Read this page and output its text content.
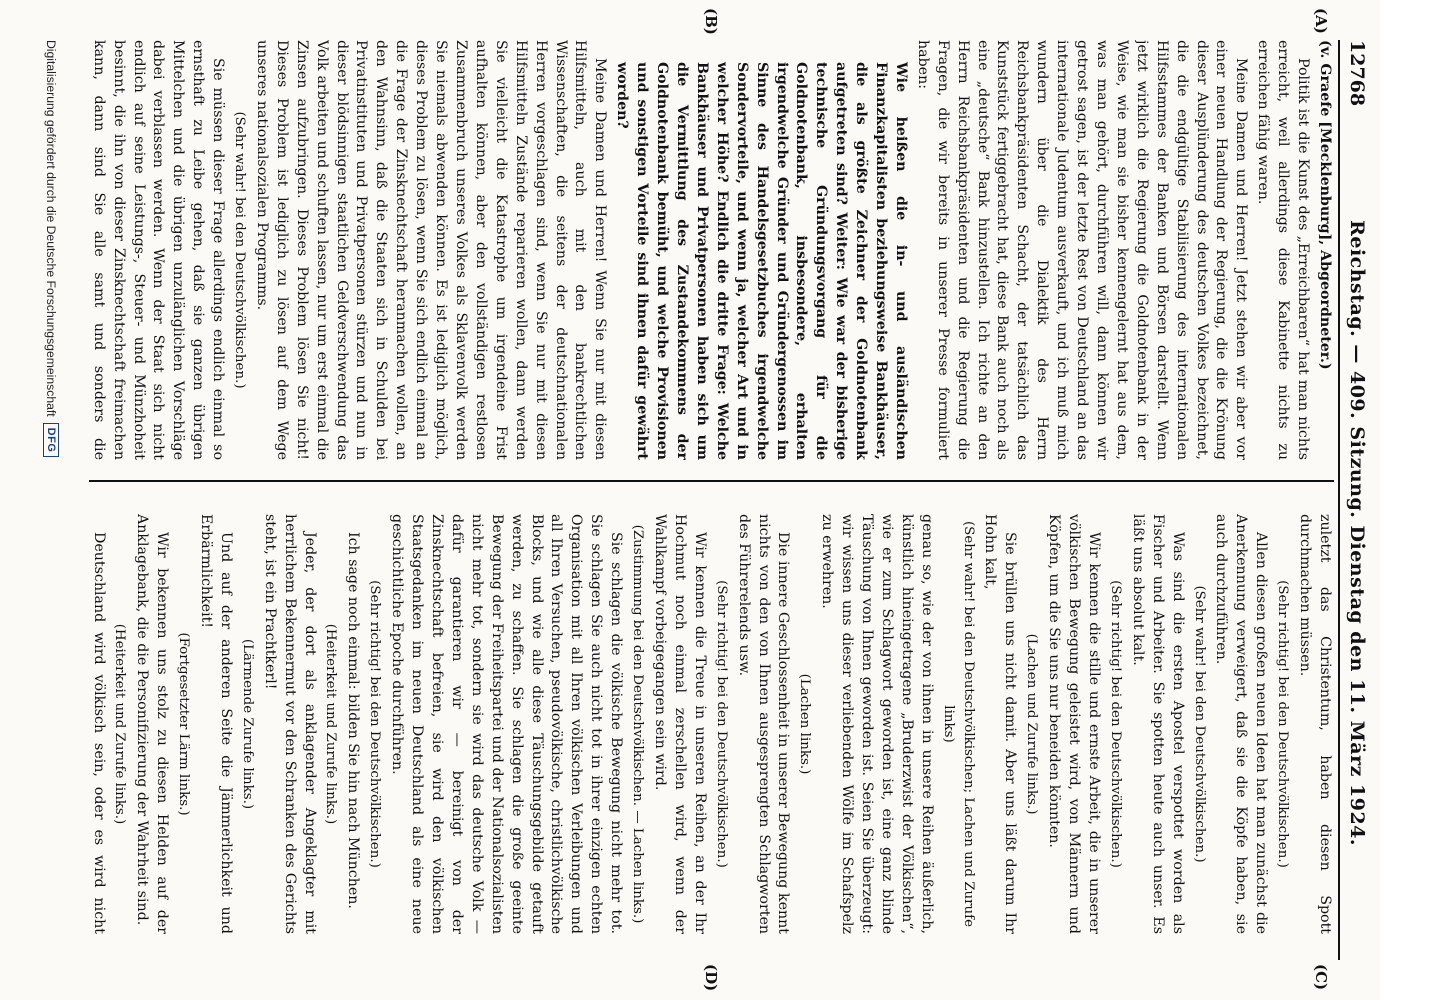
12768
Reichstag. — 409. Sitzung. Dienstag den 11. März 1924.
(A)
(B)
(C)
(D)

(v. Graefe [Mecklenburg], Abgeordneter.)

Politik ist die Kunst des „Erreichbaren“ hat man nichts erreicht, weil allerdings diese Kabinette nichts zu erreichen fähig waren.

Meine Damen und Herren! Jetzt stehen wir aber vor einer neuen Handlung der Regierung, die die Krönung dieser Ausplünderung des deutschen Volkes bezeichnet, die die endgültige Stabilisierung des internationalen Hilfsstammes der Banken und Börsen darstellt. Wenn jetzt wirklich die Regierung die Goldnotenbank in der Weise, wie man sie bisher kennengelernt hat aus dem, was man gehört, durchführen will, dann können wir getrost sagen, ist der letzte Rest von Deutschland an das internationale Judentum ausverkauft, und ich muß mich wundern über die Dialektik des Herrn Reichsbankpräsidenten Schacht, der tatsächlich das Kunststück fertiggebracht hat, diese Bank auch noch als eine „deutsche“ Bank hinzustellen. Ich richte an den Herrn Reichsbankpräsidenten und die Regierung die Fragen, die wir bereits in unserer Presse formuliert haben:

Wie heißen die in- und ausländischen Finanzkapitalisten beziehungsweise Bankhäuser, die als größte Zeichner der Goldnotenbank aufgetreten sind? Weiter: Wie war der bisherige technische Gründungsvorgang für die Goldnotenbank, insbesondere, erhalten irgendwelche Gründer und Gründergenossen im Sinne des Handelsgesetzbuches irgendwelche Sondervorteile, und wenn ja, welcher Art und in welcher Höhe? Endlich die dritte Frage: Welche Bankhäuser und Privatpersonen haben sich um die Vermittlung des Zustandekommens der Goldnotenbank bemüht, und welche Provisionen und sonstigen Vorteile sind ihnen dafür gewährt worden?

Meine Damen und Herren! Wenn Sie nur mit diesen Hilfsmitteln, auch mit den bankrechtlichen Wissenschaften, die seitens der deutschnationalen Herren vorgeschlagen sind, wenn Sie nur mit diesen Hilfsmitteln Zustände reparieren wollen, dann werden Sie vielleicht die Katastrophe um irgendeine Frist aufhalten können, aber den vollständigen restlosen Zusammenbruch unseres Volkes als Sklavenvolk werden Sie niemals abwenden können. Es ist lediglich möglich, dieses Problem zu lösen, wenn Sie sich endlich einmal an die Frage der Zinsknechtschaft heranmachen wollen, an den Wahnsinn, daß die Staaten sich in Schulden bei Privatinstituten und Privatpersonen stürzen und nun in dieser blödsinnigen staatlichen Geldverschwendung das Volk arbeiten und schuften lassen, nur um erst einmal die Zinsen aufzubringen. Dieses Problem lösen Sie nicht! Dieses Problem ist lediglich zu lösen auf dem Wege unseres nationalsozialen Programms.

(Sehr wahr! bei den Deutschvölkischen.)

Sie müssen dieser Frage allerdings endlich einmal so ernsthaft zu Leibe gehen, daß sie ganzen übrigen Mittelchen und die übrigen unzulänglichen Vorschläge dabei verblassen werden. Wenn der Staat sich nicht endlich auf seine Leistungs-, Steuer- und Münzhoheit besinnt, die ihn von dieser Zinsknechtschaft freimachen kann, dann sind Sie alle samt und sonders die

zuletzt das Christentum, haben diesen Spott durchmachen müssen.

(Sehr richtig! bei den Deutschvölkischen.)

Allen diesen großen neuen Ideen hat man zunächst die Anerkennung verweigert, daß sie die Köpfe haben, sie auch durchzuführen.

(Sehr wahr! bei den Deutschvölkischen.)

Was sind die ersten Apostel verspottet worden als Fischer und Arbeiter. Sie spotten heute auch unser. Es läßt uns absolut kalt.

(Sehr richtig! bei den Deutschvölkischen.)

Wir kennen die stille und ernste Arbeit, die in unserer völkischen Bewegung geleistet wird, von Männern und Köpfen, um die Sie uns nur beneiden könnten.

(Lachen und Zurufe links.)

Sie brüllen uns nicht damit. Aber uns läßt darum Ihr Hohn kalt,

(Sehr wahr! bei den Deutschvölkischen; Lachen und Zurufe links)

genau so, wie der von ihnen in unsere Reihen äußerlich, künstlich hineingetragene „Bruderzwist der Völkischen“, wie er zum Schlagwort geworden ist, eine ganz blinde Täuschung von Ihnen geworden ist. Seien Sie überzeugt: wir wissen uns dieser verliebenden Wölfe im Schafspelz zu erwehren.

(Lachen links.)

Die innere Geschlossenheit in unserer Bewegung kennt nichts von den von Ihnen ausgesprengten Schlagworten des Führerelends usw.

(Sehr richtig! bei den Deutschvölkischen.)

Wir kennen die Treue in unseren Reihen, an der Ihr Hochmut noch einmal zerschellen wird, wenn der Wahlkampf vorbeigegangen sein wird.

(Zustimmung bei den Deutschvölkischen. — Lachen links.)

Sie schlagen die völkische Bewegung nicht mehr tot. Sie schlagen Sie auch nicht tot in ihrer einzigen echten Organisation mit all Ihren völkischen Verleibungen und all Ihren Versuchen, pseudovölkische, christlichvölkische Blocks, und wie alle diese Täuschungsgebilde getauft werden, zu schaffen. Sie schlagen die große geeinte Bewegung der Freiheitspartei und der Nationalsozialisten nicht mehr tot, sondern sie wird das deutsche Volk — dafür garantieren wir — bereinigt von der Zinsknechtschaft befreien, sie wird den völkischen Staatsgedanken im neuen Deutschland als eine neue geschichtliche Epoche durchführen.

(Sehr richtig! bei den Deutschvölkischen.)

Ich sage noch einmal: bilden Sie hin nach München.

(Heiterkeit und Zurufe links.)

Jeder, der dort als anklagender Angeklagter mit herrlichem Bekennermut vor den Schranken des Gerichts steht, ist ein Prachtkerl!

(Lärmende Zurufe links.)

Und auf der anderen Seite die Jämmerlichkeit und Erbärmlichkeit!

(Fortgesetzter Lärm links.)

Wir bekennen uns stolz zu diesen Helden auf der Anklagebank, die die Personifizierung der Wahrheit sind.

(Heiterkeit und Zurufe links.)

Deutschland wird völkisch sein, oder es wird nicht

Digitalisierung gefördert durch die Deutsche Forschungsgemeinschaft
DFG
